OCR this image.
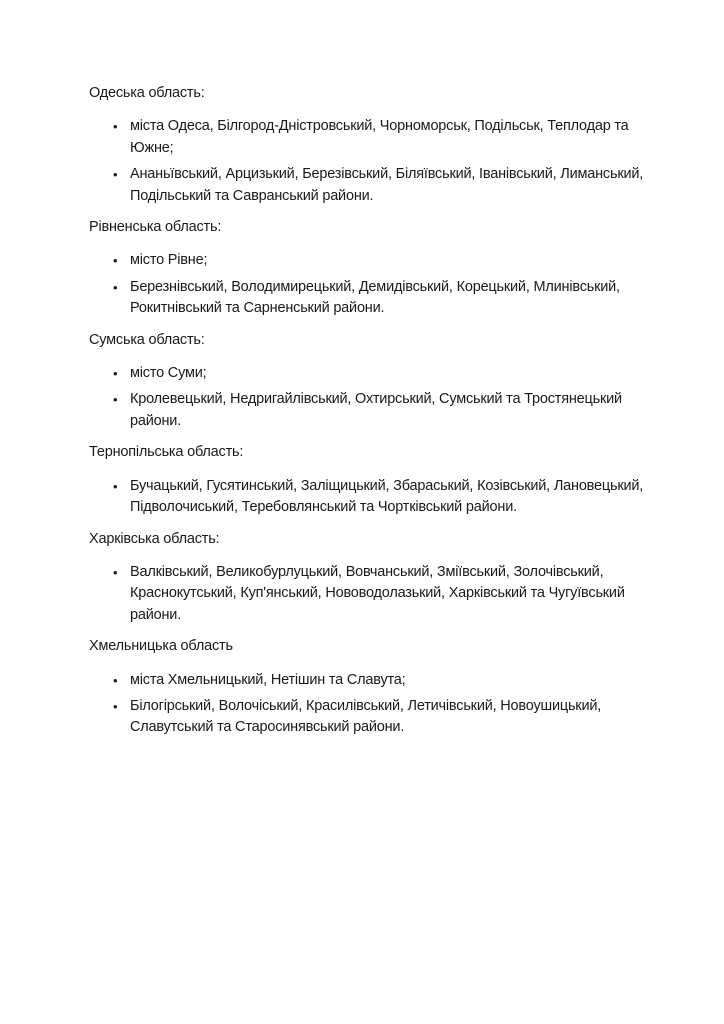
Одеська область:

• міста Одеса, Білгород-Дністровський, Чорноморськ, Подільськ, Теплодар та Южне;
• Ананьївський, Арцизький, Березівський, Біляївський, Іванівський, Лиманський, Подільський та Савранський райони.

Рівненська область:

• місто Рівне;
• Березнівський, Володимирецький, Демидівський, Корецький, Млинівський, Рокитнівський та Сарненський райони.

Сумська область:

• місто Суми;
• Кролевецький, Недригайлівський, Охтирський, Сумський та Тростянецький райони.

Тернопільська область:

• Бучацький, Гусятинський, Заліщицький, Збараський, Козівський, Лановецький, Підволочиський, Теребовлянський та Чортківський райони.

Харківська область:

• Валківський, Великобурлуцький, Вовчанський, Зміївський, Золочівський, Краснокутський, Куп'янський, Нововодолазький, Харківський та Чугуївський райони.

Хмельницька область

• міста Хмельницький, Нетішин та Славута;
• Білогірський, Волочіський, Красилівський, Летичівський, Новоушицький, Славутський та Старосинявський райони.
